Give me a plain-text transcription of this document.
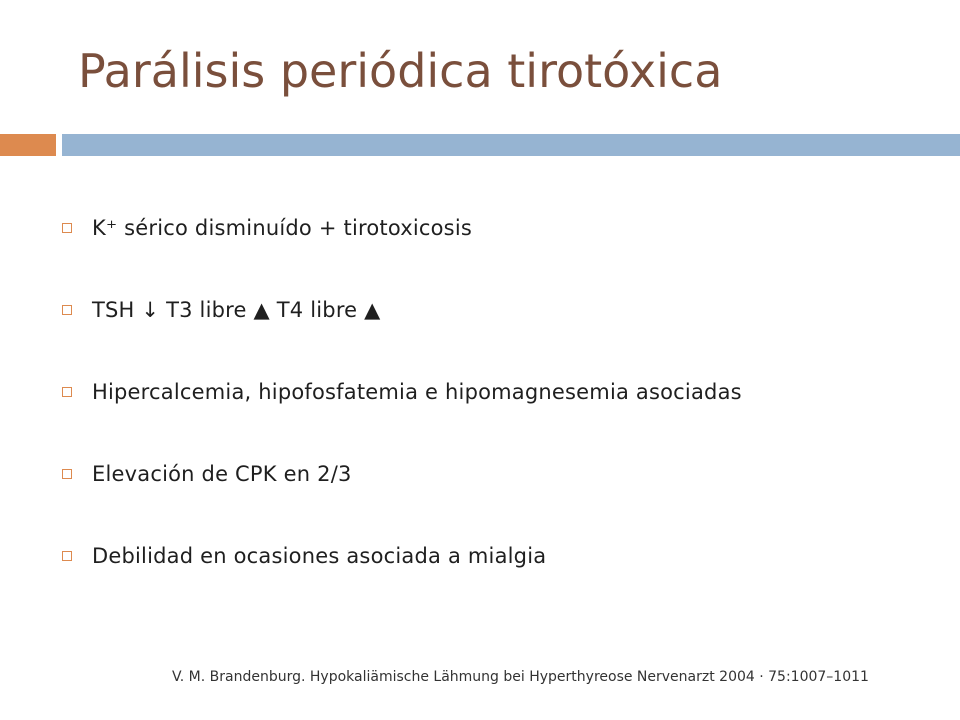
Parálisis periódica tirotóxica
K⁺ sérico disminuído + tirotoxicosis
TSH ↓ T3 libre ▲ T4 libre ▲
Hipercalcemia, hipofosfatemia e hipomagnesemia asociadas
Elevación de CPK en 2/3
Debilidad en ocasiones asociada a mialgia
V. M. Brandenburg. Hypokaliämische Lähmung bei Hyperthyreose Nervenarzt 2004 · 75:1007–1011
